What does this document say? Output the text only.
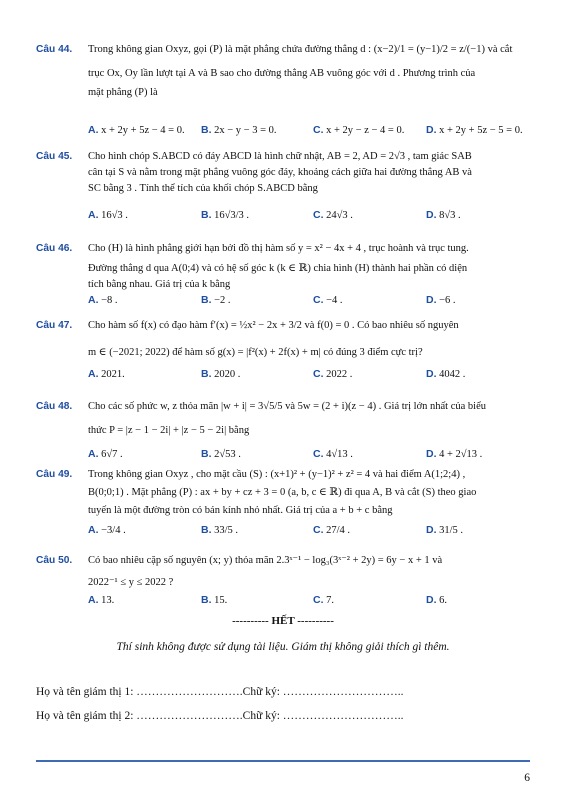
Câu 44.	Trong không gian Oxyz, gọi (P) là mặt phẳng chứa đường thẳng d : (x−2)/1 = (y−1)/2 = z/(−1) và cắt
trục Ox, Oy lần lượt tại A và B sao cho đường thẳng AB vuông góc với d . Phương trình của
mặt phẳng (P) là
A. x + 2y + 5z − 4 = 0. B. 2x − y − 3 = 0.	C. x + 2y − z − 4 = 0. D. x + 2y + 5z − 5 = 0.
Câu 45.	Cho hình chóp S.ABCD có đáy ABCD là hình chữ nhật, AB = 2, AD = 2√3 , tam giác SAB
cân tại S và nằm trong mặt phẳng vuông góc đáy, khoảng cách giữa hai đường thẳng AB và
SC bằng 3 . Tính thể tích của khối chóp S.ABCD bằng
A. 16√3 .	B. 16√3/3 .	C. 24√3 .	D. 8√3 .
Câu 46.	Cho (H) là hình phẳng giới hạn bởi đồ thị hàm số y = x² − 4x + 4 , trục hoành và trục tung.
Đường thẳng d qua A(0;4) và có hệ số góc k (k ∈ ℝ) chia hình (H) thành hai phần có diện
tích bằng nhau. Giá trị của k bằng
A. −8 .	B. −2 .	C. −4 .	D. −6 .
Câu 47.	Cho hàm số f(x) có đạo hàm f′(x) = ½x² − 2x + 3/2 và f(0) = 0 . Có bao nhiêu số nguyên
m ∈ (−2021; 2022) để hàm số g(x) = |f²(x) + 2f(x) + m| có đúng 3 điểm cực trị?
A. 2021.	B. 2020 .	C. 2022 .	D. 4042 .
Câu 48.	Cho các số phức w, z thỏa mãn |w + i| = 3√5/5 và 5w = (2 + i)(z − 4) . Giá trị lớn nhất của biểu
thức P = |z − 1 − 2i| + |z − 5 − 2i| bằng
A. 6√7 .	B. 2√53 .	C. 4√13 .	D. 4 + 2√13 .
Câu 49.	Trong không gian Oxyz , cho mặt cầu (S) : (x+1)² + (y−1)² + z² = 4 và hai điểm A(1;2;4) ,
B(0;0;1) . Mặt phẳng (P) : ax + by + cz + 3 = 0 (a, b, c ∈ ℝ) đi qua A, B và cắt (S) theo giao
tuyến là một đường tròn có bán kính nhỏ nhất. Giá trị của a + b + c bằng
A. −3/4 .	B. 33/5 .	C. 27/4 .	D. 31/5 .
Câu 50.	Có bao nhiêu cặp số nguyên (x; y) thỏa mãn 2.3ˣ⁻¹ − log₃(3ˣ⁻² + 2y) = 6y − x + 1 và
2022⁻¹ ≤ y ≤ 2022 ?
A. 13.	B. 15.	C. 7.	D. 6.
---------- HẾT ----------
Thí sinh không được sử dụng tài liệu. Giám thị không giải thích gì thêm.
Họ và tên giám thị 1: ……………………….Chữ ký: …………………………..
Họ và tên giám thị 2: ……………………….Chữ ký: …………………………..
6
